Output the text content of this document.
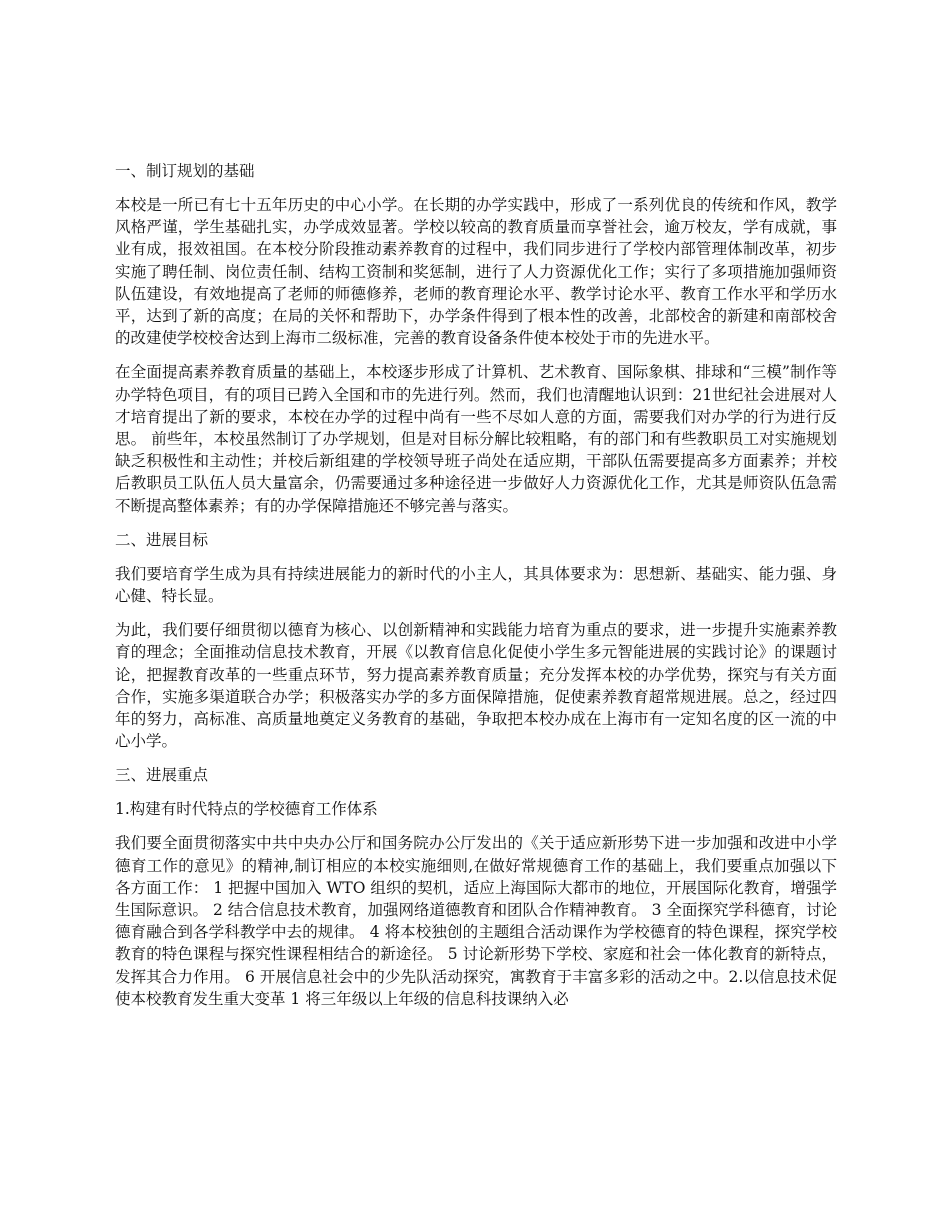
一、制订规划的基础
本校是一所已有七十五年历史的中心小学。在长期的办学实践中，形成了一系列优良的传统和作风，教学风格严谨，学生基础扎实，办学成效显著。学校以较高的教育质量而享誉社会，逾万校友，学有成就，事业有成，报效祖国。在本校分阶段推动素养教育的过程中，我们同步进行了学校内部管理体制改革，初步实施了聘任制、岗位责任制、结构工资制和奖惩制，进行了人力资源优化工作；实行了多项措施加强师资队伍建设，有效地提高了老师的师德修养，老师的教育理论水平、教学讨论水平、教育工作水平和学历水平，达到了新的高度；在局的关怀和帮助下，办学条件得到了根本性的改善，北部校舍的新建和南部校舍的改建使学校校舍达到上海市二级标准，完善的教育设备条件使本校处于市的先进水平。
在全面提高素养教育质量的基础上，本校逐步形成了计算机、艺术教育、国际象棋、排球和“三模”制作等办学特色项目，有的项目已跨入全国和市的先进行列。然而，我们也清醒地认识到：21世纪社会进展对人才培育提出了新的要求，本校在办学的过程中尚有一些不尽如人意的方面，需要我们对办学的行为进行反思。 前些年，本校虽然制订了办学规划，但是对目标分解比较粗略，有的部门和有些教职员工对实施规划缺乏积极性和主动性；并校后新组建的学校领导班子尚处在适应期，干部队伍需要提高多方面素养；并校后教职员工队伍人员大量富余，仍需要通过多种途径进一步做好人力资源优化工作，尤其是师资队伍急需不断提高整体素养；有的办学保障措施还不够完善与落实。
二、进展目标
我们要培育学生成为具有持续进展能力的新时代的小主人，其具体要求为：思想新、基础实、能力强、身心健、特长显。
为此，我们要仔细贯彻以德育为核心、以创新精神和实践能力培育为重点的要求，进一步提升实施素养教育的理念；全面推动信息技术教育，开展《以教育信息化促使小学生多元智能进展的实践讨论》的课题讨论，把握教育改革的一些重点环节，努力提高素养教育质量；充分发挥本校的办学优势，探究与有关方面合作，实施多渠道联合办学；积极落实办学的多方面保障措施，促使素养教育超常规进展。总之，经过四年的努力，高标准、高质量地奠定义务教育的基础，争取把本校办成在上海市有一定知名度的区一流的中心小学。
三、进展重点
1.构建有时代特点的学校德育工作体系
我们要全面贯彻落实中共中央办公厅和国务院办公厅发出的《关于适应新形势下进一步加强和改进中小学德育工作的意见》的精神,制订相应的本校实施细则,在做好常规德育工作的基础上，我们要重点加强以下各方面工作： 1 把握中国加入 WTO 组织的契机，适应上海国际大都市的地位，开展国际化教育，增强学生国际意识。 2 结合信息技术教育，加强网络道德教育和团队合作精神教育。 3 全面探究学科德育，讨论德育融合到各学科教学中去的规律。 4 将本校独创的主题组合活动课作为学校德育的特色课程，探究学校教育的特色课程与探究性课程相结合的新途径。 5 讨论新形势下学校、家庭和社会一体化教育的新特点，发挥其合力作用。 6 开展信息社会中的少先队活动探究，寓教育于丰富多彩的活动之中。2.以信息技术促使本校教育发生重大变革 1 将三年级以上年级的信息科技课纳入必
